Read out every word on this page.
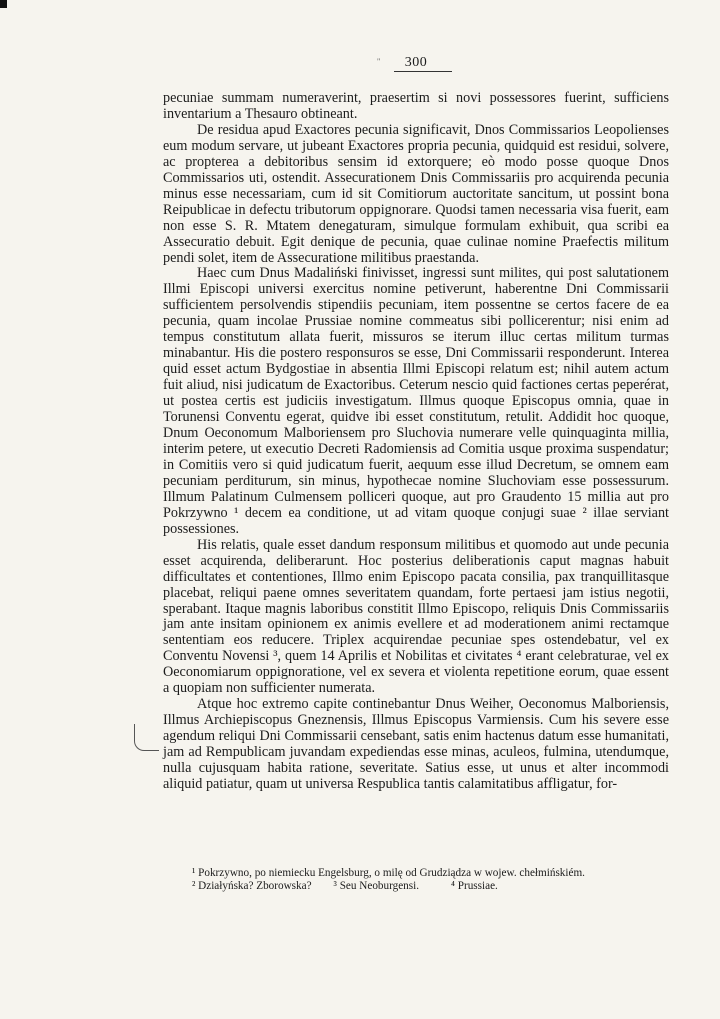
"	300

pecuniae summam numeraverint, praesertim si novi possessores fuerint, sufficiens inventarium a Thesauro obtineant.

De residua apud Exactores pecunia significavit, Dnos Commissarios Leopolienses eum modum servare, ut jubeant Exactores propria pecunia, quidquid est residui, solvere, ac propterea a debitoribus sensim id extorquere; eò modo posse quoque Dnos Commissarios uti, ostendit. Assecurationem Dnis Commissariis pro acquirenda pecunia minus esse necessariam, cum id sit Comitiorum auctoritate sancitum, ut possint bona Reipublicae in defectu tributorum oppignorare. Quodsi tamen necessaria visa fuerit, eam non esse S. R. Mtatem denegaturam, simulque formulam exhibuit, qua scribi ea Assecuratio debuit. Egit denique de pecunia, quae culinae nomine Praefectis militum pendi solet, item de Assecuratione militibus praestanda.

Haec cum Dnus Madaliński finivisset, ingressi sunt milites, qui post salutationem Illmi Episcopi universi exercitus nomine petiverunt, haberentne Dni Commissarii sufficientem persolvendis stipendiis pecuniam, item possentne se certos facere de ea pecunia, quam incolae Prussiae nomine commeatus sibi pollicerentur; nisi enim ad tempus constitutum allata fuerit, missuros se iterum illuc certas militum turmas minabantur. His die postero responsuros se esse, Dni Commissarii responderunt. Interea quid esset actum Bydgostiae in absentia Illmi Episcopi relatum est; nihil autem actum fuit aliud, nisi judicatum de Exactoribus. Ceterum nescio quid factiones certas peperérat, ut postea certis est judiciis investigatum. Illmus quoque Episcopus omnia, quae in Torunensi Conventu egerat, quidve ibi esset constitutum, retulit. Addidit hoc quoque, Dnum Oeconomum Malboriensem pro Sluchovia numerare velle quinquaginta millia, interim petere, ut executio Decreti Radomiensis ad Comitia usque proxima suspendatur; in Comitiis vero si quid judicatum fuerit, aequum esse illud Decretum, se omnem eam pecuniam perditurum, sin minus, hypothecae nomine Sluchoviam esse possessurum. Illmum Palatinum Culmensem polliceri quoque, aut pro Graudento 15 millia aut pro Pokrzywno ¹ decem ea conditione, ut ad vitam quoque conjugi suae ² illae serviant possessiones.

His relatis, quale esset dandum responsum militibus et quomodo aut unde pecunia esset acquirenda, deliberarunt. Hoc posterius deliberationis caput magnas habuit difficultates et contentiones, Illmo enim Episcopo pacata consilia, pax tranquillitasque placebat, reliqui paene omnes severitatem quandam, forte pertaesi jam istius negotii, sperabant. Itaque magnis laboribus constitit Illmo Episcopo, reliquis Dnis Commissariis jam ante insitam opinionem ex animis evellere et ad moderationem animi rectamque sententiam eos reducere. Triplex acquirendae pecuniae spes ostendebatur, vel ex Conventu Novensi ³, quem 14 Aprilis et Nobilitas et civitates ⁴ erant celebraturae, vel ex Oeconomiarum oppignoratione, vel ex severa et violenta repetitione eorum, quae essent a quopiam non sufficienter numerata.

Atque hoc extremo capite continebantur Dnus Weiher, Oeconomus Malboriensis, Illmus Archiepiscopus Gneznensis, Illmus Episcopus Varmiensis. Cum his severe esse agendum reliqui Dni Commissarii censebant, satis enim hactenus datum esse humanitati, jam ad Rempublicam juvandam expediendas esse minas, aculeos, fulmina, utendumque, nulla cujusquam habita ratione, severitate. Satius esse, ut unus et alter incommodi aliquid patiatur, quam ut universa Respublica tantis calamitatibus affligatur, for-

¹ Pokrzywno, po niemiecku Engelsburg, o milę od Grudziądza w wojew. chełmińskiém.
² Działyńska? Zborowska? ³ Seu Neoburgensi.	⁴ Prussiae.
